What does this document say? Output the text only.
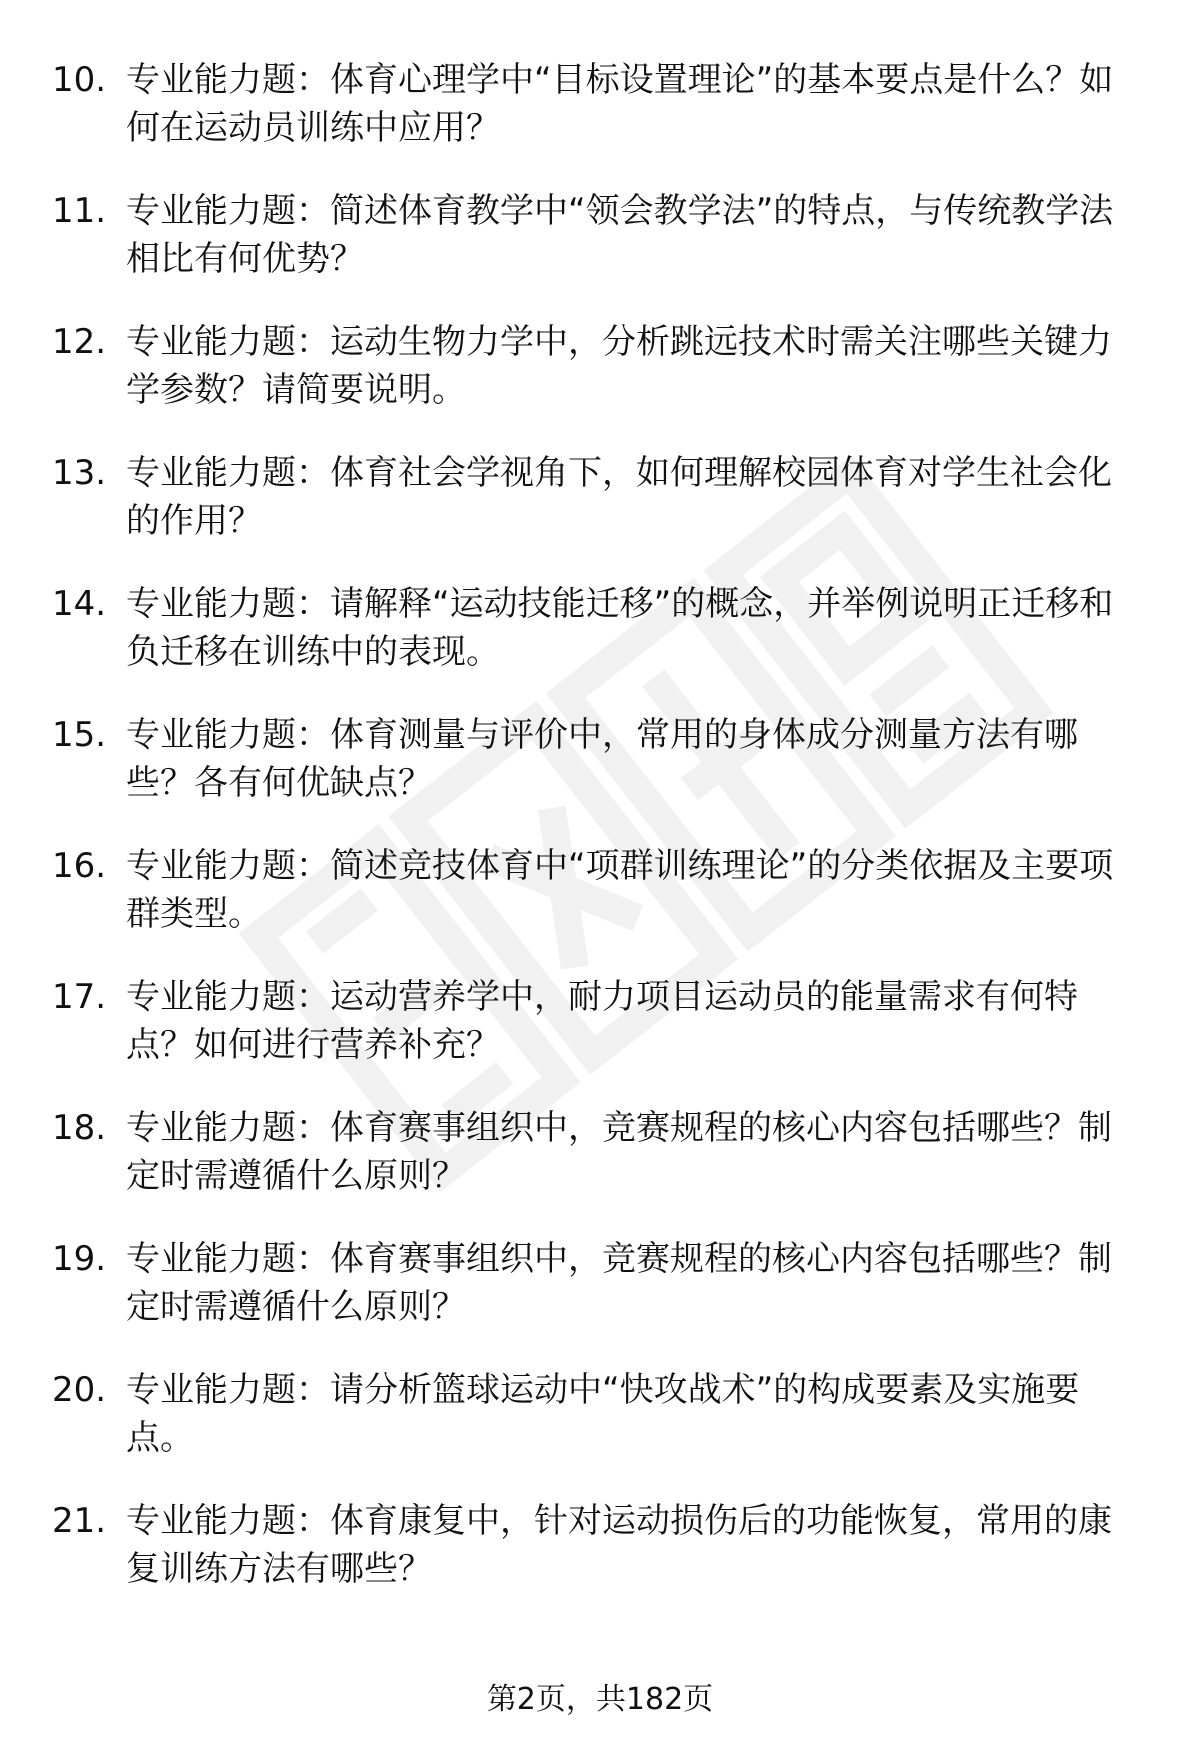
10. 专业能力题：体育心理学中“目标设置理论”的基本要点是什么？如何在运动员训练中应用？
11. 专业能力题：简述体育教学中“领会教学法”的特点，与传统教学法相比有何优势？
12. 专业能力题：运动生物力学中，分析跳远技术时需关注哪些关键力学参数？请简要说明。
13. 专业能力题：体育社会学视角下，如何理解校园体育对学生社会化的作用？
14. 专业能力题：请解释“运动技能迁移”的概念，并举例说明正迁移和负迁移在训练中的表现。
15. 专业能力题：体育测量与评价中，常用的身体成分测量方法有哪些？各有何优缺点？
16. 专业能力题：简述竞技体育中“项群训练理论”的分类依据及主要项群类型。
17. 专业能力题：运动营养学中，耐力项目运动员的能量需求有何特点？如何进行营养补充？
18. 专业能力题：体育赛事组织中，竞赛规程的核心内容包括哪些？制定时需遵循什么原则？
19. 专业能力题：体育赛事组织中，竞赛规程的核心内容包括哪些？制定时需遵循什么原则？
20. 专业能力题：请分析篮球运动中“快攻战术”的构成要素及实施要点。
21. 专业能力题：体育康复中，针对运动损伤后的功能恢复，常用的康复训练方法有哪些？
第2页，共182页
